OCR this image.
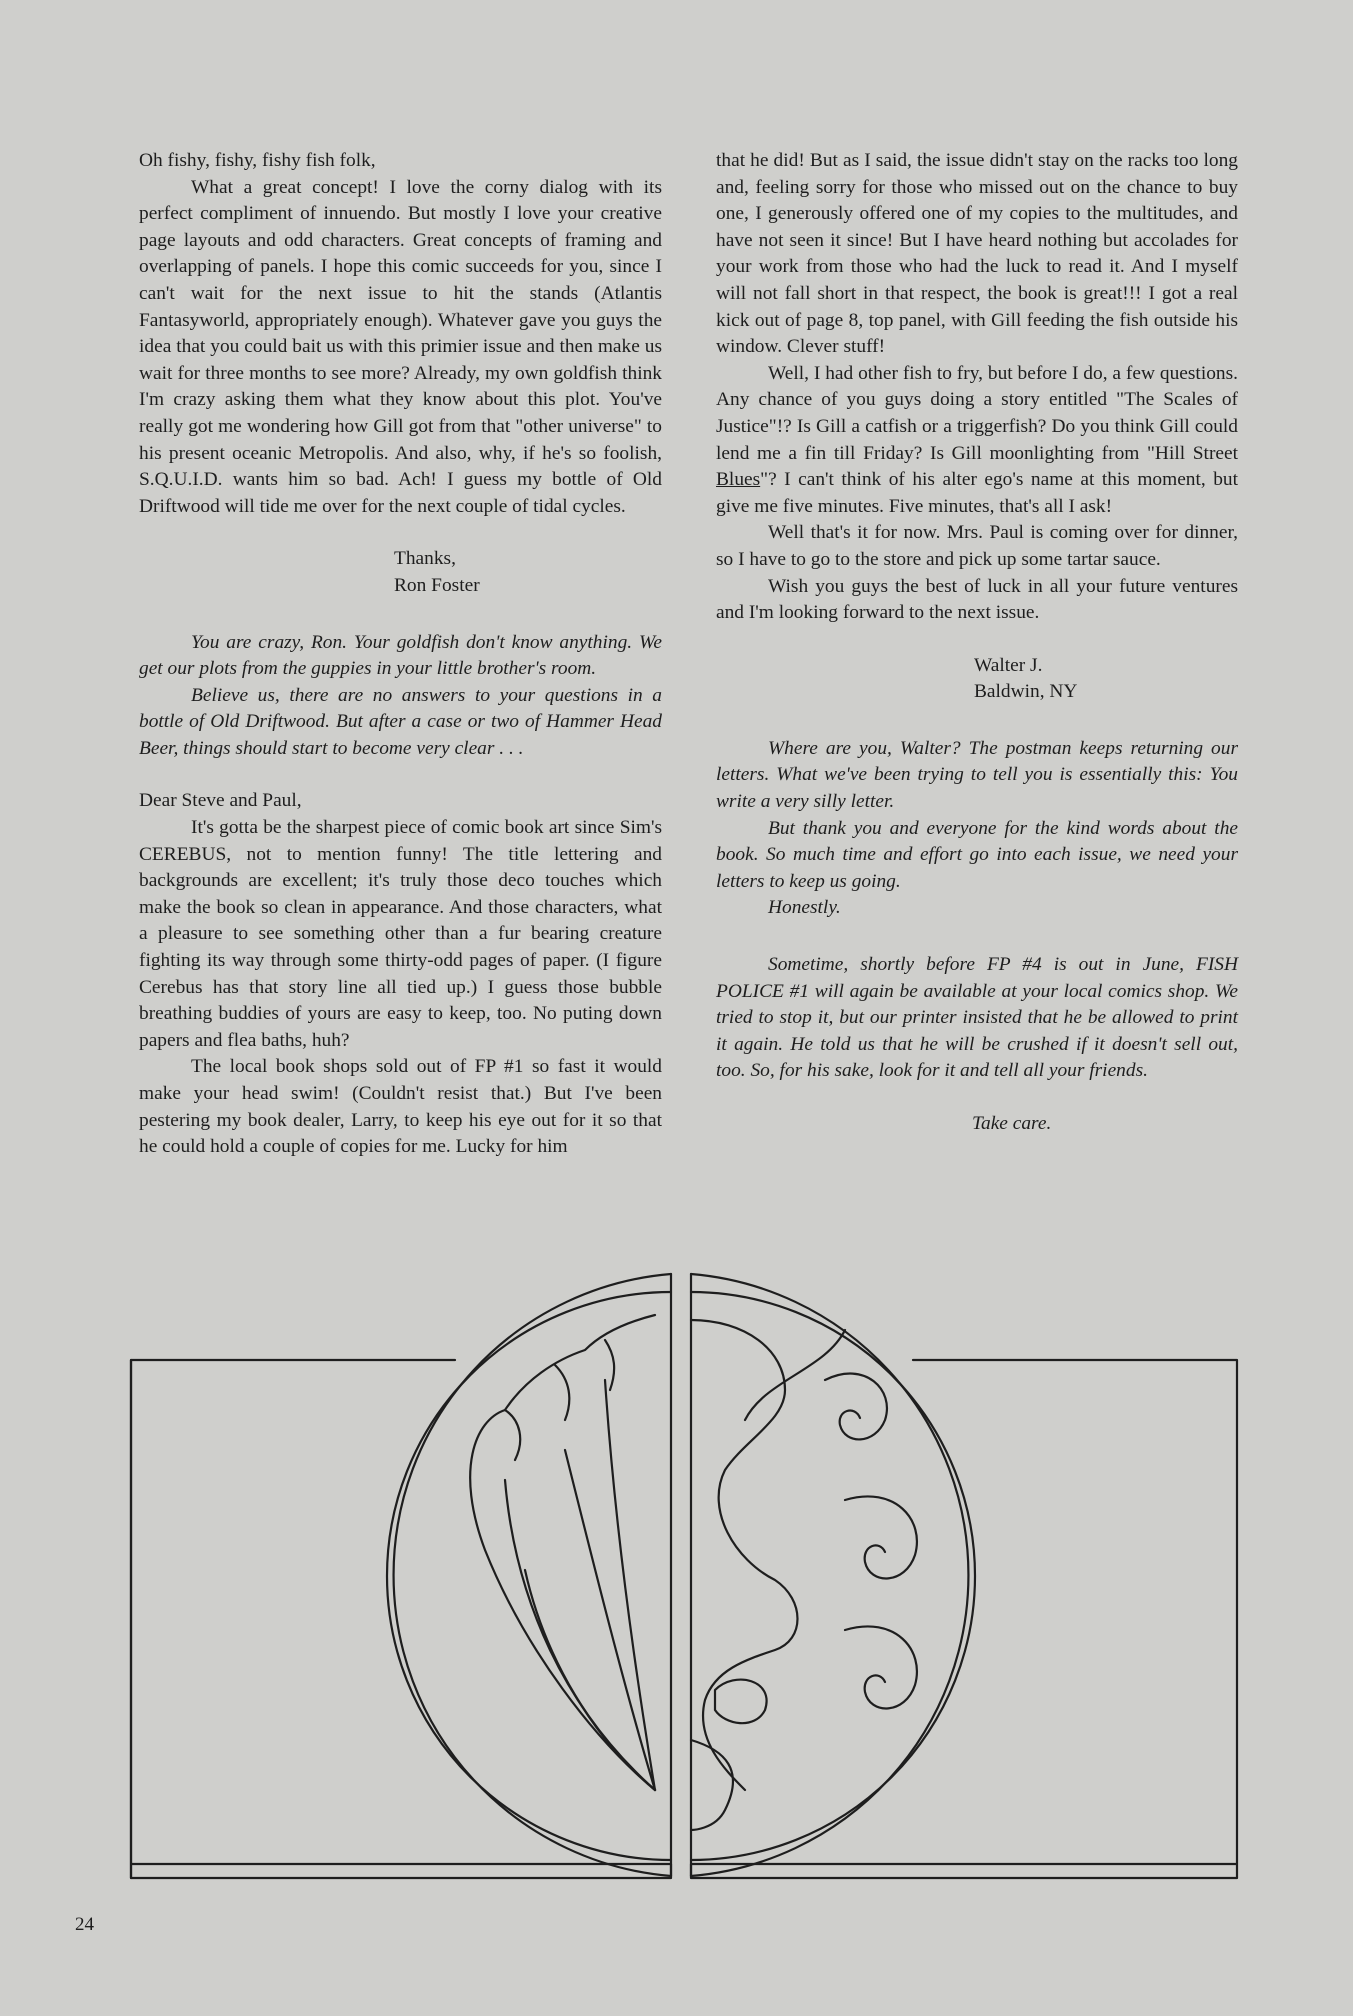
Oh fishy, fishy, fishy fish folk,

What a great concept! I love the corny dialog with its perfect compliment of innuendo. But mostly I love your creative page layouts and odd characters. Great concepts of framing and overlapping of panels. I hope this comic succeeds for you, since I can't wait for the next issue to hit the stands (Atlantis Fantasyworld, appropriately enough). Whatever gave you guys the idea that you could bait us with this primier issue and then make us wait for three months to see more? Already, my own goldfish think I'm crazy asking them what they know about this plot. You've really got me wondering how Gill got from that "other universe" to his present oceanic Metropolis. And also, why, if he's so foolish, S.Q.U.I.D. wants him so bad. Ach! I guess my bottle of Old Driftwood will tide me over for the next couple of tidal cycles.

Thanks,

Ron Foster

You are crazy, Ron. Your goldfish don't know anything. We get our plots from the guppies in your little brother's room.

Believe us, there are no answers to your questions in a bottle of Old Driftwood. But after a case or two of Hammer Head Beer, things should start to become very clear . . .

Dear Steve and Paul,

It's gotta be the sharpest piece of comic book art since Sim's CEREBUS, not to mention funny! The title lettering and backgrounds are excellent; it's truly those deco touches which make the book so clean in appearance. And those characters, what a pleasure to see something other than a fur bearing creature fighting its way through some thirty-odd pages of paper. (I figure Cerebus has that story line all tied up.) I guess those bubble breathing buddies of yours are easy to keep, too. No puting down papers and flea baths, huh?

The local book shops sold out of FP #1 so fast it would make your head swim! (Couldn't resist that.) But I've been pestering my book dealer, Larry, to keep his eye out for it so that he could hold a couple of copies for me. Lucky for him

that he did! But as I said, the issue didn't stay on the racks too long and, feeling sorry for those who missed out on the chance to buy one, I generously offered one of my copies to the multitudes, and have not seen it since! But I have heard nothing but accolades for your work from those who had the luck to read it. And I myself will not fall short in that respect, the book is great!!! I got a real kick out of page 8, top panel, with Gill feeding the fish outside his window. Clever stuff!

Well, I had other fish to fry, but before I do, a few questions. Any chance of you guys doing a story entitled "The Scales of Justice"!? Is Gill a catfish or a triggerfish? Do you think Gill could lend me a fin till Friday? Is Gill moonlighting from "Hill Street Blues"? I can't think of his alter ego's name at this moment, but give me five minutes. Five minutes, that's all I ask!

Well that's it for now. Mrs. Paul is coming over for dinner, so I have to go to the store and pick up some tartar sauce.

Wish you guys the best of luck in all your future ventures and I'm looking forward to the next issue.

Walter J.

Baldwin, NY

Where are you, Walter? The postman keeps returning our letters. What we've been trying to tell you is essentially this: You write a very silly letter.

But thank you and everyone for the kind words about the book. So much time and effort go into each issue, we need your letters to keep us going.

Honestly.

Sometime, shortly before FP #4 is out in June, FISH POLICE #1 will again be available at your local comics shop. We tried to stop it, but our printer insisted that he be allowed to print it again. He told us that he will be crushed if it doesn't sell out, too. So, for his sake, look for it and tell all your friends.

Take care.

24
